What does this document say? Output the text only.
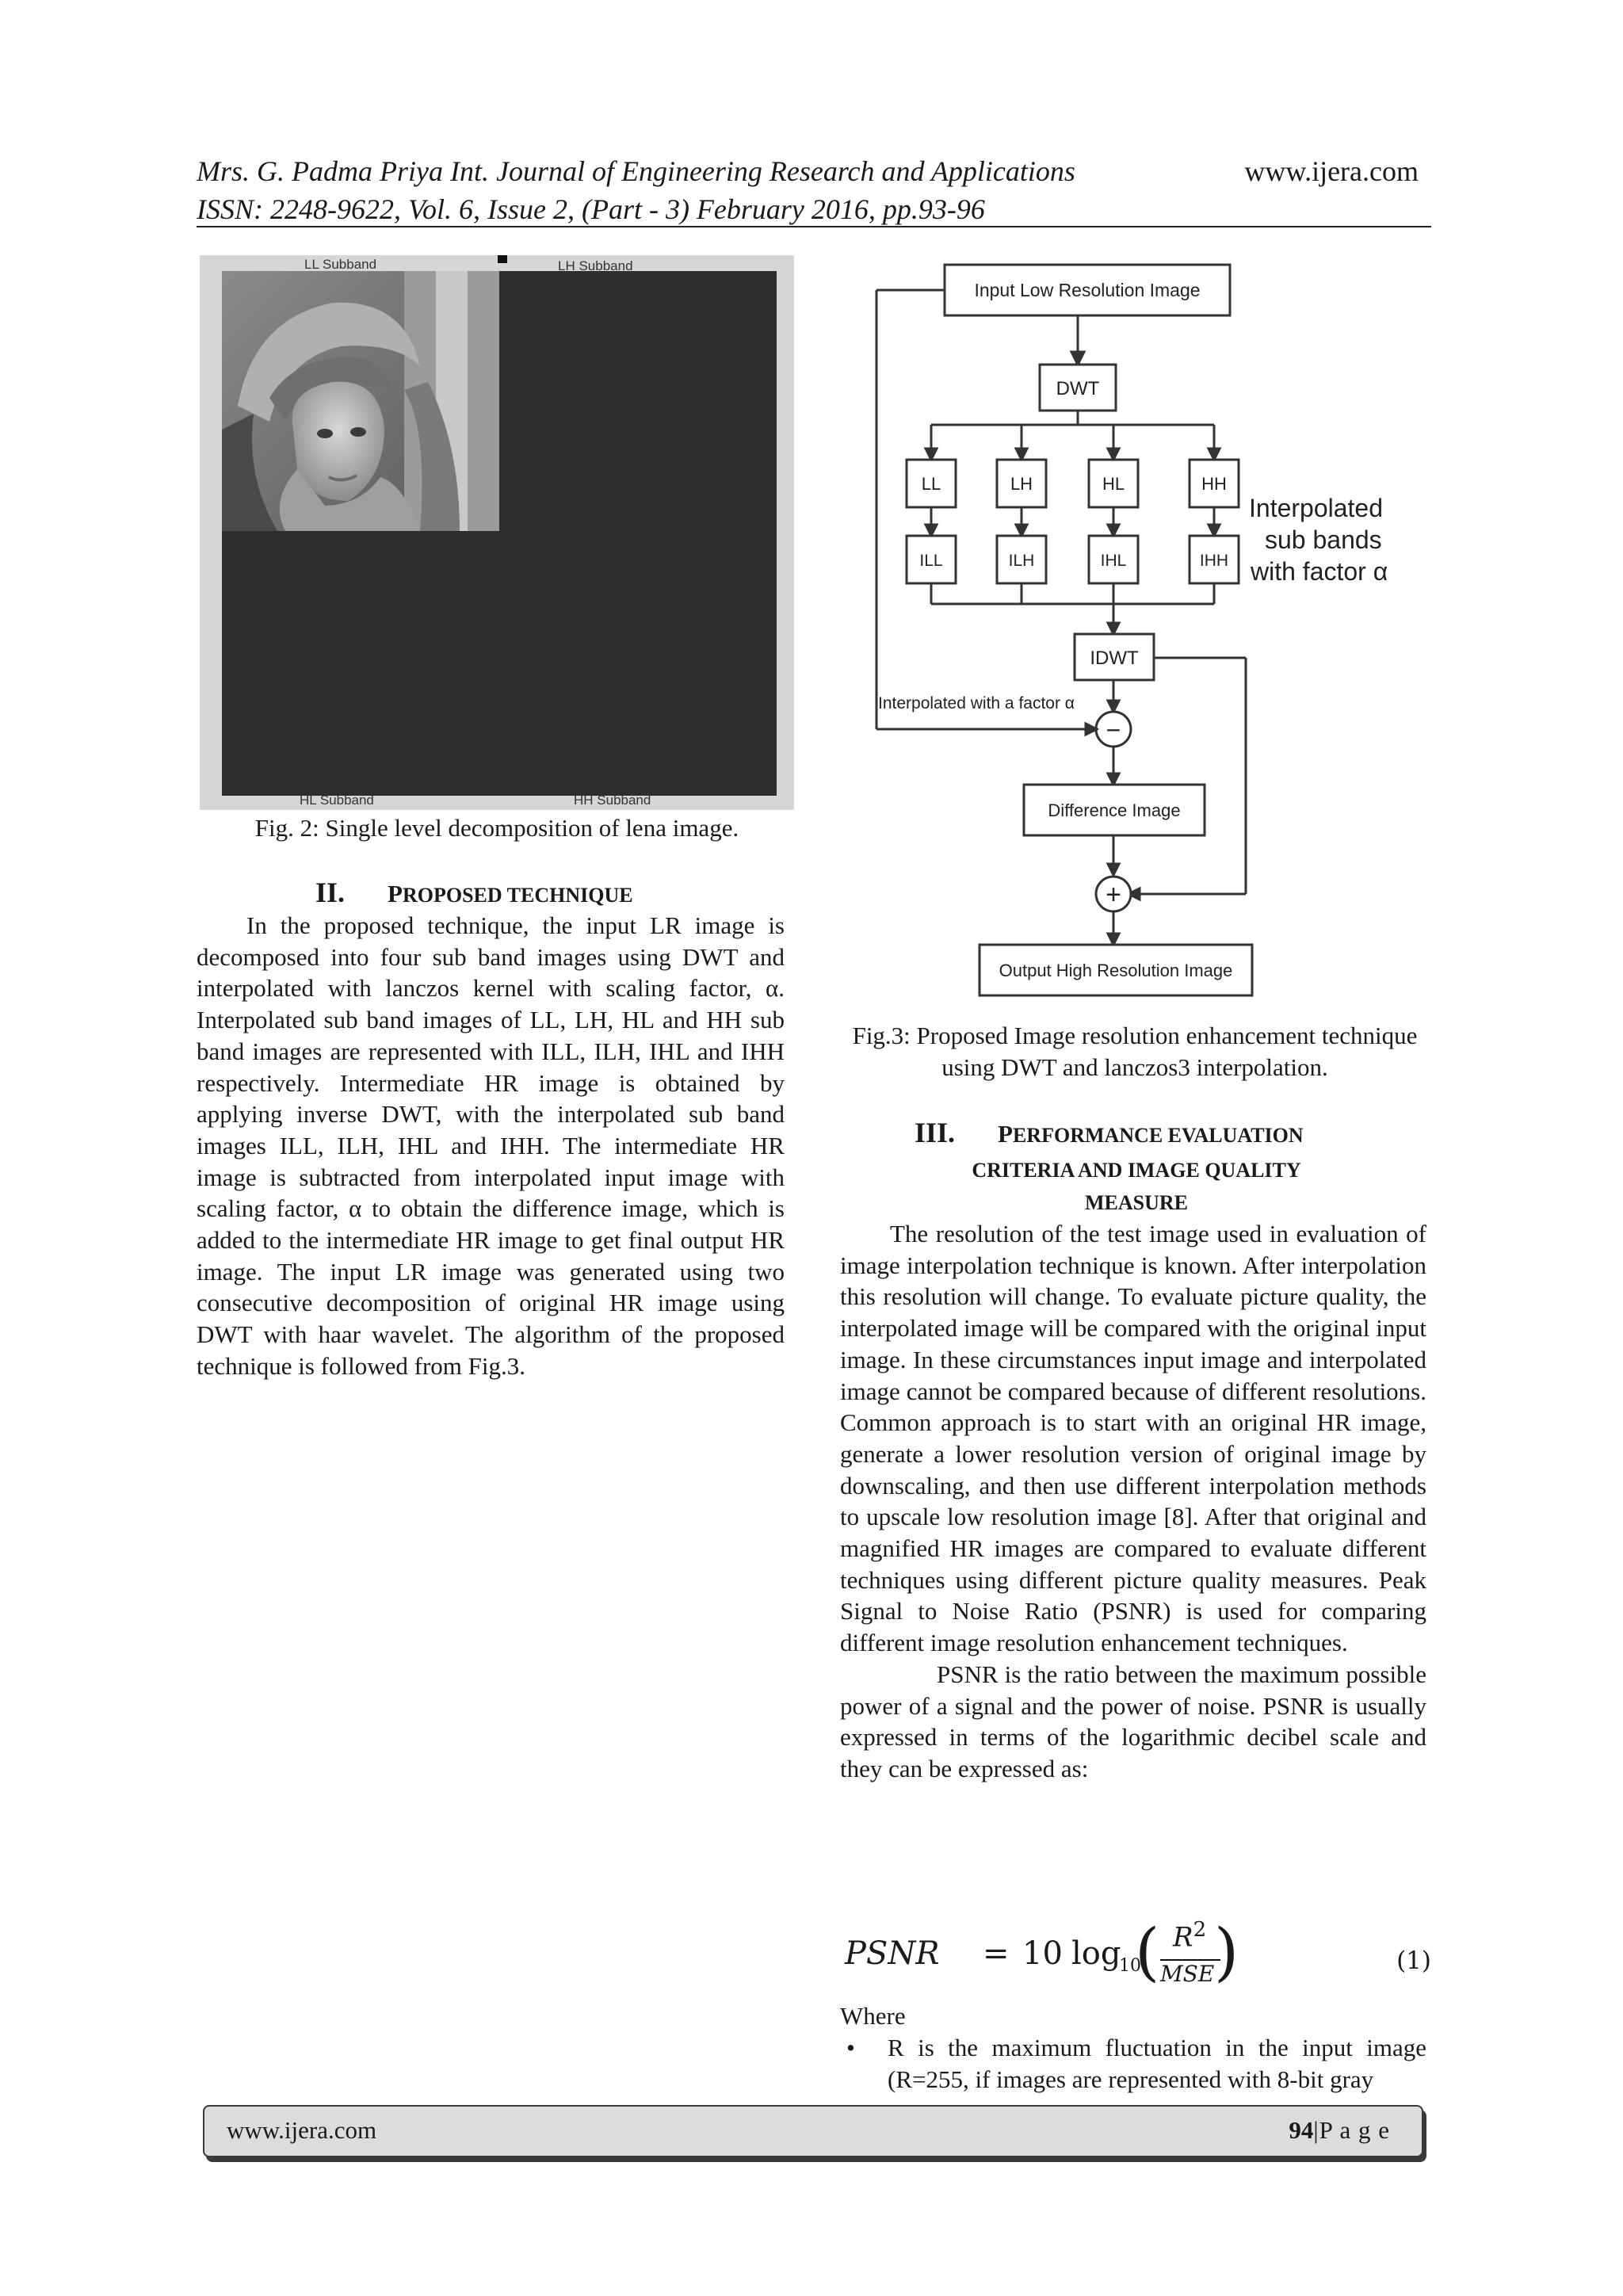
Mrs. G. Padma Priya Int. Journal of Engineering Research and Applications	www.ijera.com
ISSN: 2248-9622, Vol. 6, Issue 2, (Part - 3) February 2016, pp.93-96
LL Subband	LH Subband
HL Subband	HH Subband
Fig. 2: Single level decomposition of lena image.
II. PROPOSED TECHNIQUE

In the proposed technique, the input LR image is decomposed into four sub band images using DWT and interpolated with lanczos kernel with scaling factor, α. Interpolated sub band images of LL, LH, HL and HH sub band images are represented with ILL, ILH, IHL and IHH respectively. Intermediate HR image is obtained by applying inverse DWT, with the interpolated sub band images ILL, ILH, IHL and IHH. The intermediate HR image is subtracted from interpolated input image with scaling factor, α to obtain the difference image, which is added to the intermediate HR image to get final output HR image. The input LR image was generated using two consecutive decomposition of original HR image using DWT with haar wavelet. The algorithm of the proposed technique is followed from Fig.3.

Input Low Resolution Image
DWT
LL	LH	HL	HH
ILL	ILH	IHL	IHH
Interpolated
sub bands
with factor α
IDWT
Interpolated with a factor α
−
Difference Image
+
Output High Resolution Image
Fig.3: Proposed Image resolution enhancement technique using DWT and lanczos3 interpolation.
III. PERFORMANCE EVALUATION
CRITERIA AND IMAGE QUALITY
MEASURE

The resolution of the test image used in evaluation of image interpolation technique is known. After interpolation this resolution will change. To evaluate picture quality, the interpolated image will be compared with the original input image. In these circumstances input image and interpolated image cannot be compared because of different resolutions. Common approach is to start with an original HR image, generate a lower resolution version of original image by downscaling, and then use different interpolation methods to upscale low resolution image [8]. After that original and magnified HR images are compared to evaluate different techniques using different picture quality measures. Peak Signal to Noise Ratio (PSNR) is used for comparing different image resolution enhancement techniques.

PSNR is the ratio between the maximum possible power of a signal and the power of noise. PSNR is usually expressed in terms of the logarithmic decibel scale and they can be expressed as:

PSNR = 10 log
10
( $R^2$
MSE )	(1)
Where
• R is the maximum fluctuation in the input image (R=255, if images are represented with 8-bit gray
www.ijera.com	94|P a g e
